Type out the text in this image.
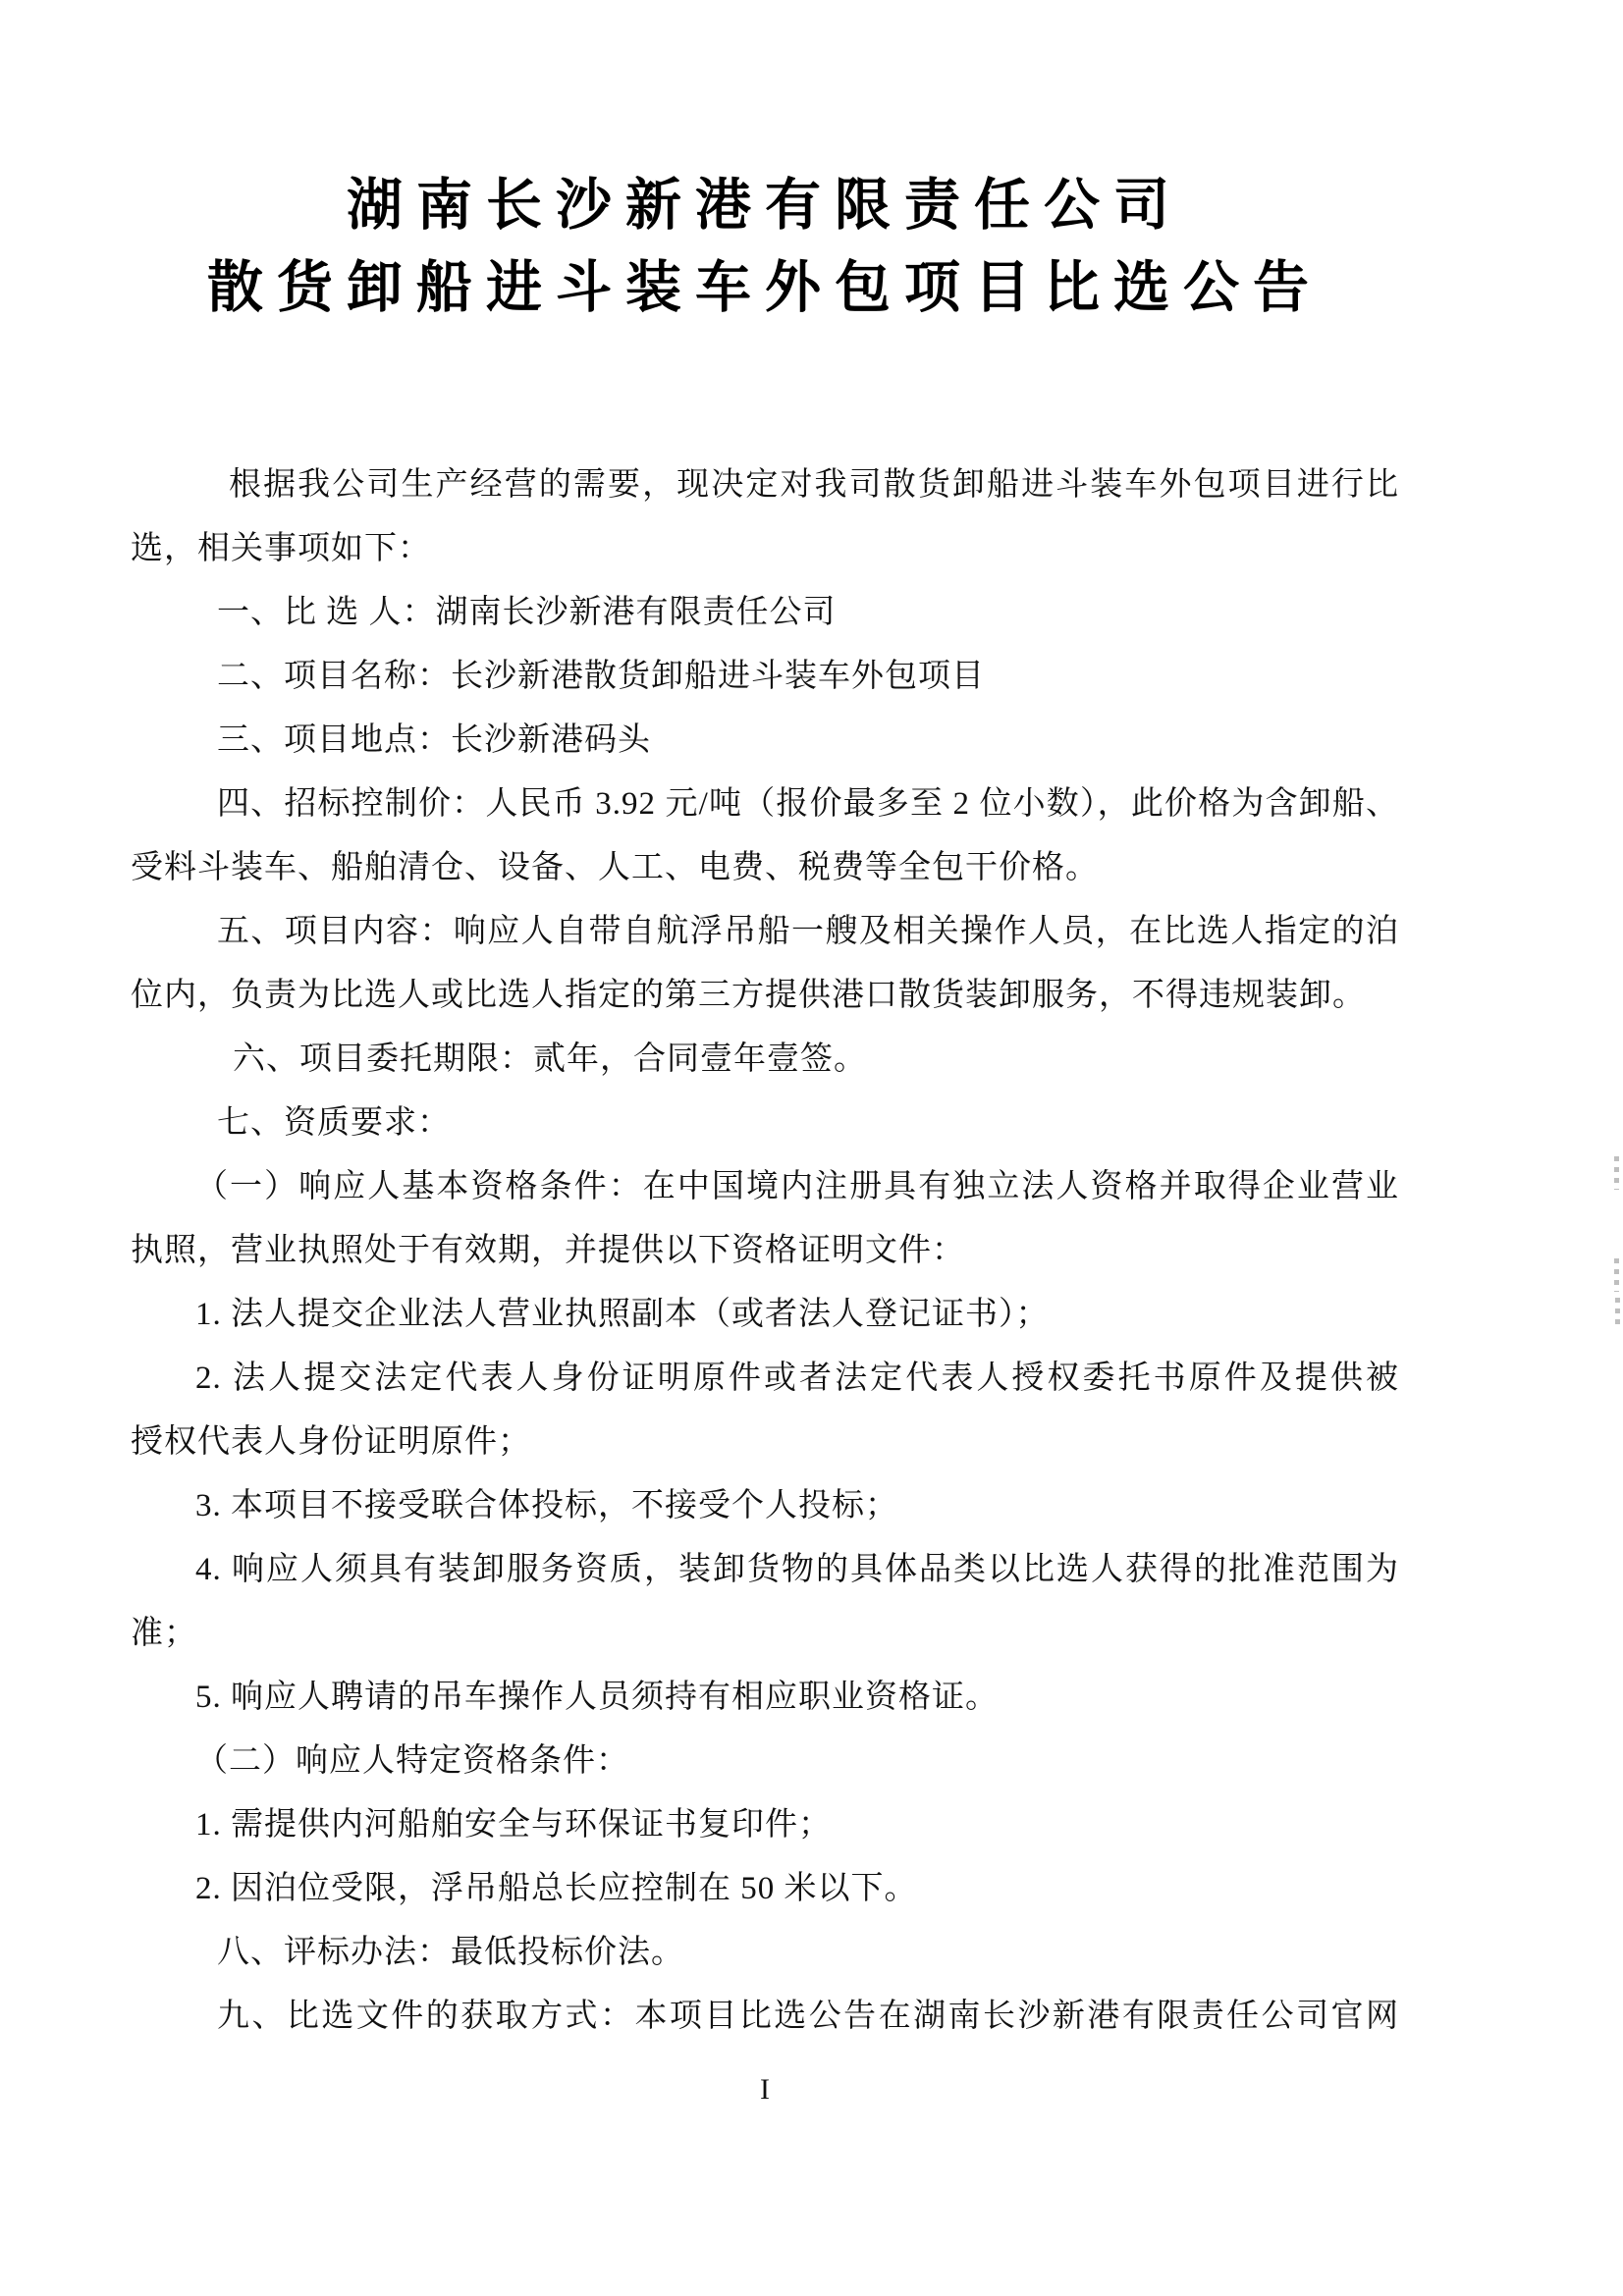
湖南长沙新港有限责任公司
散货卸船进斗装车外包项目比选公告
根据我公司生产经营的需要，现决定对我司散货卸船进斗装车外包项目进行比
选，相关事项如下：
一、比 选 人：湖南长沙新港有限责任公司
二、项目名称：长沙新港散货卸船进斗装车外包项目
三、项目地点：长沙新港码头
四、招标控制价：人民币 3.92 元/吨（报价最多至 2 位小数），此价格为含卸船、
受料斗装车、船舶清仓、设备、人工、电费、税费等全包干价格。
五、项目内容：响应人自带自航浮吊船一艘及相关操作人员，在比选人指定的泊
位内，负责为比选人或比选人指定的第三方提供港口散货装卸服务，不得违规装卸。
六、项目委托期限：贰年，合同壹年壹签。
七、资质要求：
（一）响应人基本资格条件：在中国境内注册具有独立法人资格并取得企业营业
执照，营业执照处于有效期，并提供以下资格证明文件：
1. 法人提交企业法人营业执照副本（或者法人登记证书）；
2. 法人提交法定代表人身份证明原件或者法定代表人授权委托书原件及提供被
授权代表人身份证明原件；
3. 本项目不接受联合体投标，不接受个人投标；
4. 响应人须具有装卸服务资质，装卸货物的具体品类以比选人获得的批准范围为
准；
5. 响应人聘请的吊车操作人员须持有相应职业资格证。
（二）响应人特定资格条件：
1. 需提供内河船舶安全与环保证书复印件；
2. 因泊位受限，浮吊船总长应控制在 50 米以下。
八、评标办法：最低投标价法。
九、比选文件的获取方式：本项目比选公告在湖南长沙新港有限责任公司官网
I
